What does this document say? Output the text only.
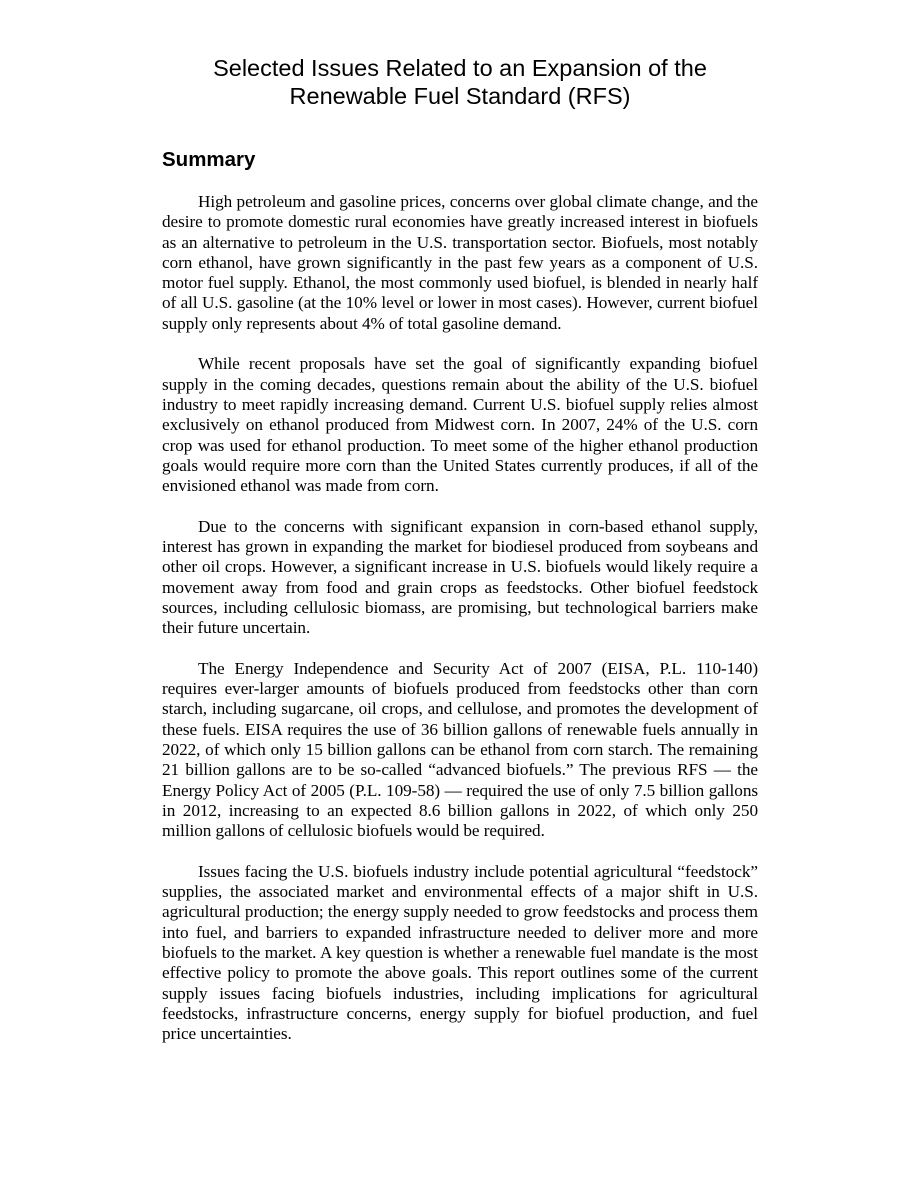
Selected Issues Related to an Expansion of the
Renewable Fuel Standard (RFS)
Summary

High petroleum and gasoline prices, concerns over global climate change, and the desire to promote domestic rural economies have greatly increased interest in biofuels as an alternative to petroleum in the U.S. transportation sector. Biofuels, most notably corn ethanol, have grown significantly in the past few years as a component of U.S. motor fuel supply. Ethanol, the most commonly used biofuel, is blended in nearly half of all U.S. gasoline (at the 10% level or lower in most cases). However, current biofuel supply only represents about 4% of total gasoline demand.

While recent proposals have set the goal of significantly expanding biofuel supply in the coming decades, questions remain about the ability of the U.S. biofuel industry to meet rapidly increasing demand. Current U.S. biofuel supply relies almost exclusively on ethanol produced from Midwest corn. In 2007, 24% of the U.S. corn crop was used for ethanol production. To meet some of the higher ethanol production goals would require more corn than the United States currently produces, if all of the envisioned ethanol was made from corn.

Due to the concerns with significant expansion in corn-based ethanol supply, interest has grown in expanding the market for biodiesel produced from soybeans and other oil crops. However, a significant increase in U.S. biofuels would likely require a movement away from food and grain crops as feedstocks. Other biofuel feedstock sources, including cellulosic biomass, are promising, but technological barriers make their future uncertain.

The Energy Independence and Security Act of 2007 (EISA, P.L. 110-140) requires ever-larger amounts of biofuels produced from feedstocks other than corn starch, including sugarcane, oil crops, and cellulose, and promotes the development of these fuels. EISA requires the use of 36 billion gallons of renewable fuels annually in 2022, of which only 15 billion gallons can be ethanol from corn starch. The remaining 21 billion gallons are to be so-called “advanced biofuels.” The previous RFS — the Energy Policy Act of 2005 (P.L. 109-58) — required the use of only 7.5 billion gallons in 2012, increasing to an expected 8.6 billion gallons in 2022, of which only 250 million gallons of cellulosic biofuels would be required.

Issues facing the U.S. biofuels industry include potential agricultural “feedstock” supplies, the associated market and environmental effects of a major shift in U.S. agricultural production; the energy supply needed to grow feedstocks and process them into fuel, and barriers to expanded infrastructure needed to deliver more and more biofuels to the market. A key question is whether a renewable fuel mandate is the most effective policy to promote the above goals. This report outlines some of the current supply issues facing biofuels industries, including implications for agricultural feedstocks, infrastructure concerns, energy supply for biofuel production, and fuel price uncertainties.
